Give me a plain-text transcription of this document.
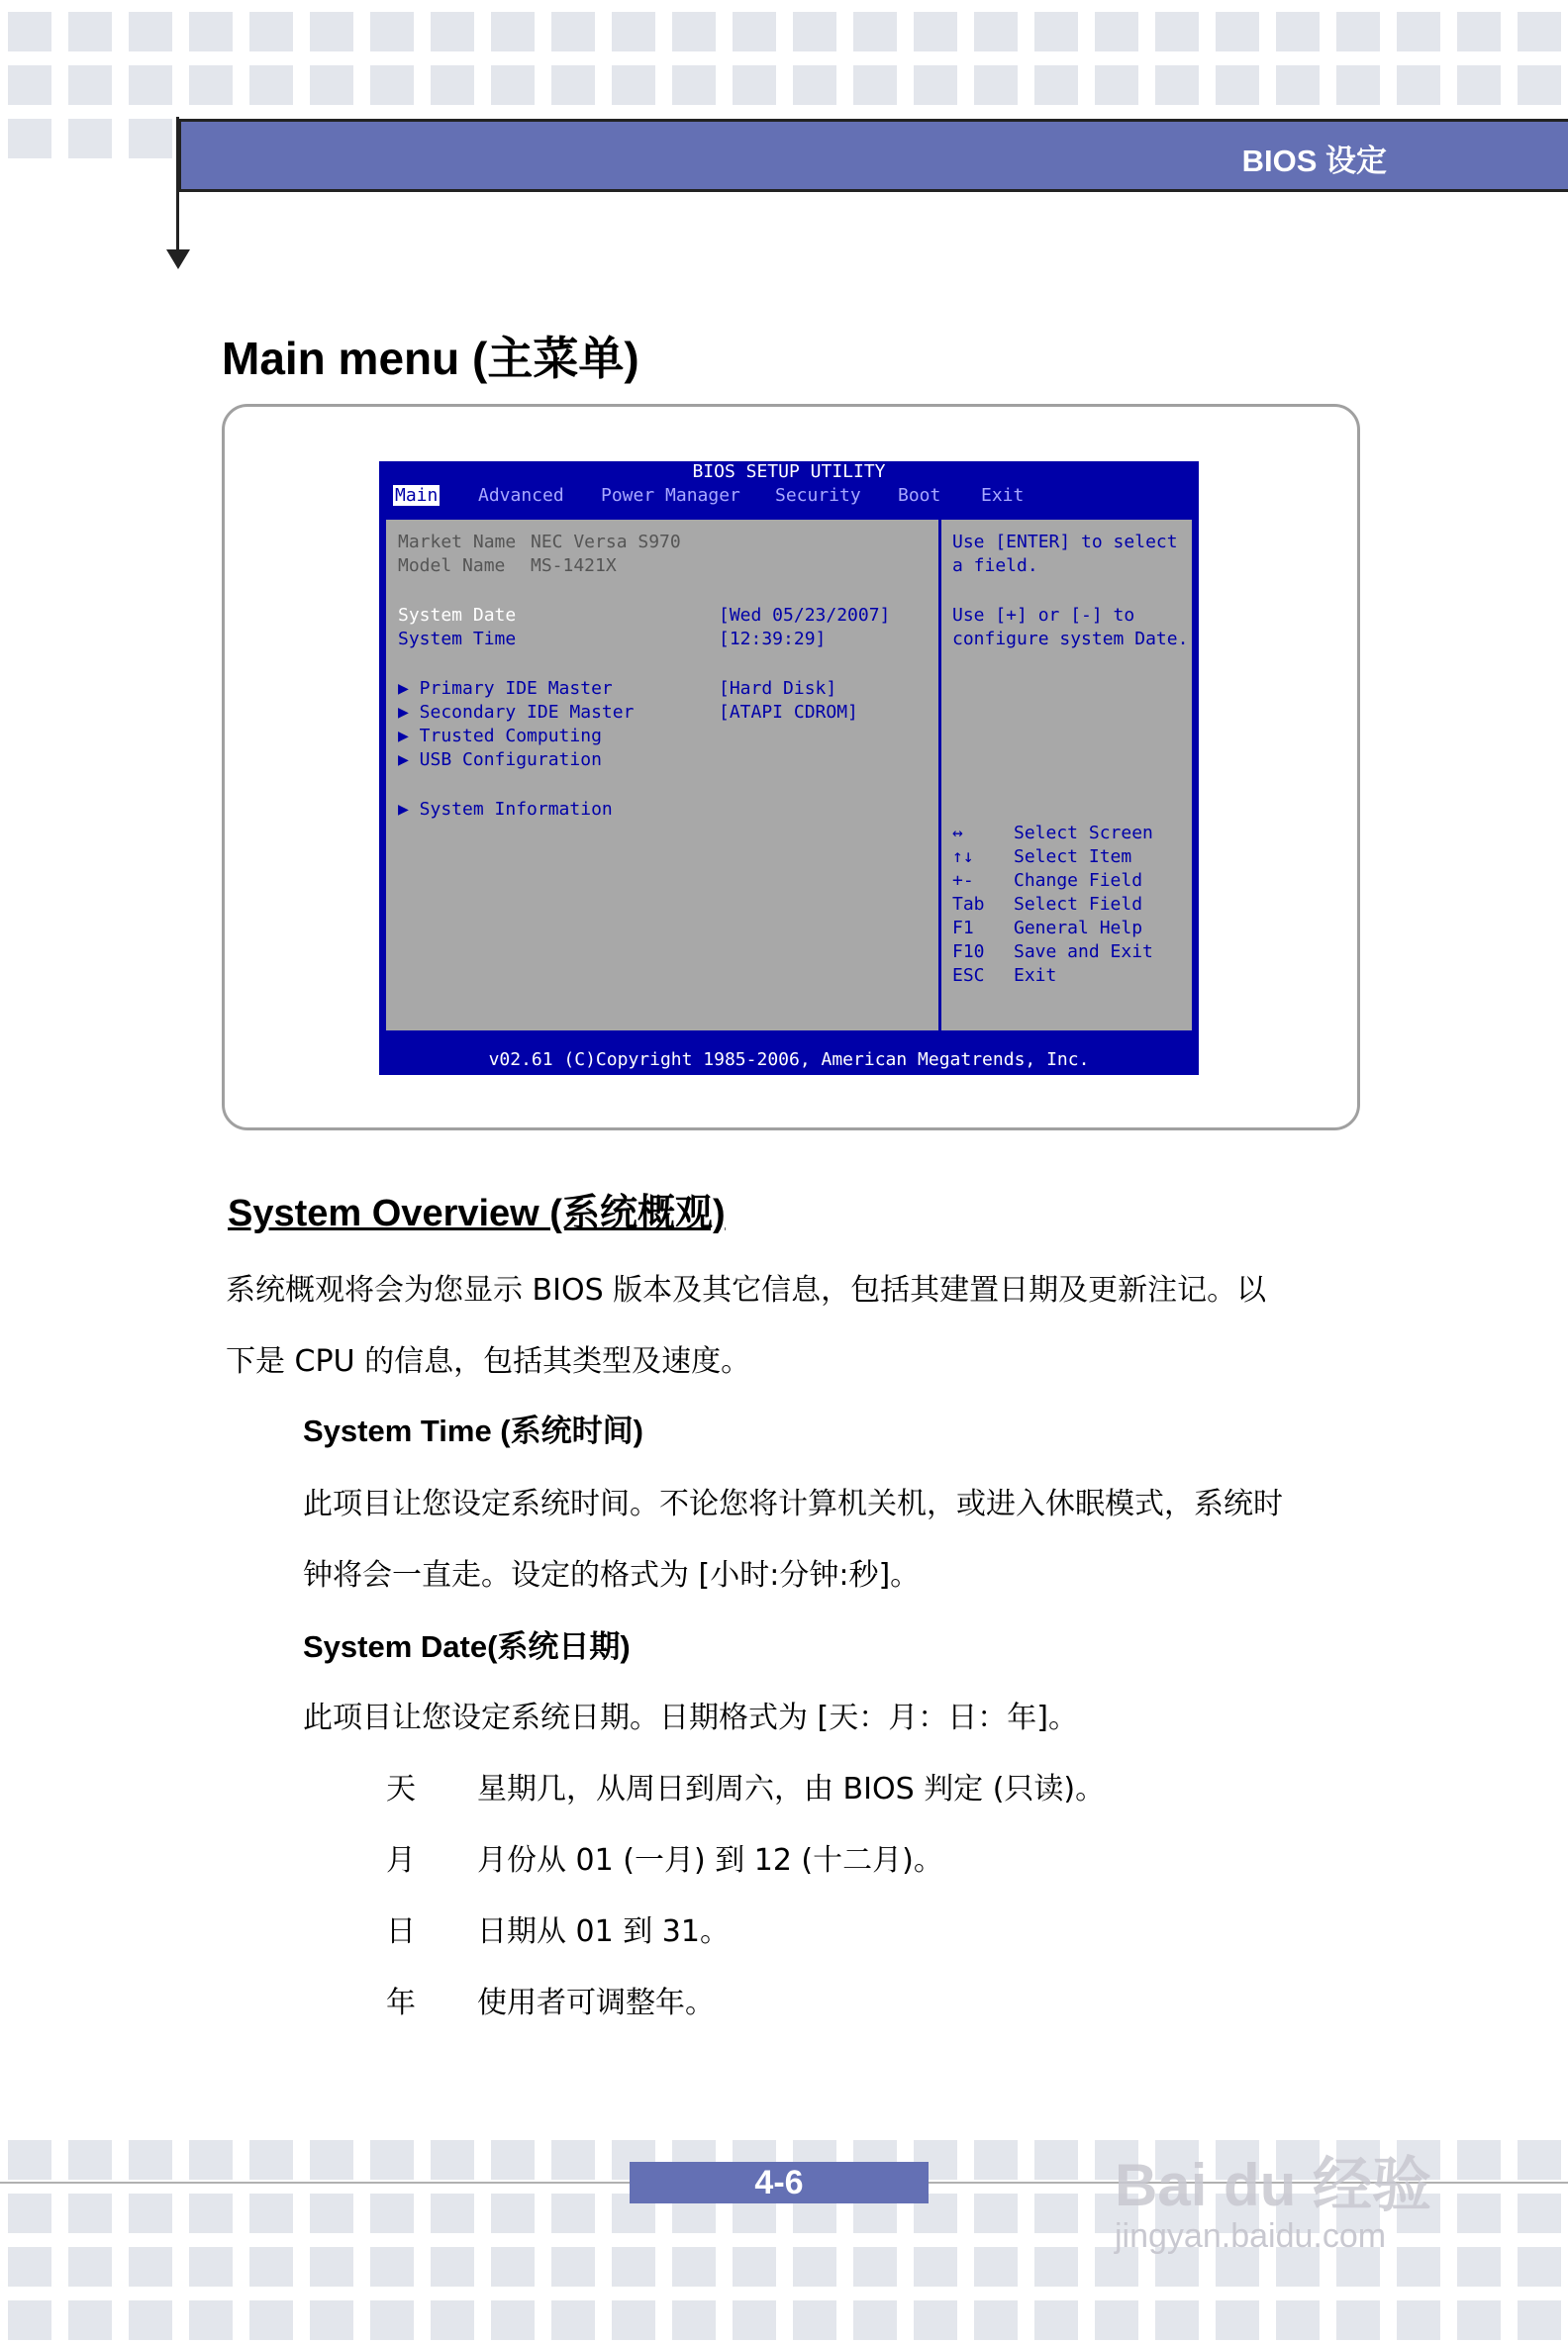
BIOS 设定
Main menu (主菜单)
BIOS SETUP UTILITY
Main Advanced Power Manager Security Boot Exit
Market Name NEC Versa S970
Model Name MS-1421X
System Date	[Wed 05/23/2007]
System Time	[12:39:29]
▶ Primary IDE Master	[Hard Disk]
▶ Secondary IDE Master	[ATAPI CDROM]
▶ Trusted Computing
▶ USB Configuration
▶ System Information
Use [ENTER] to select
a field.
Use [+] or [-] to
configure system Date.
↔	Select Screen
↑↓ Select Item
+- Change Field
Tab Select Field
F1 General Help
F10 Save and Exit
ESC Exit
v02.61 (C)Copyright 1985-2006, American Megatrends, Inc.
System Overview (系统概观)
系统概观将会为您显示 BIOS 版本及其它信息，包括其建置日期及更新注记。以
下是 CPU 的信息，包括其类型及速度。
System Time (系统时间)
此项目让您设定系统时间。不论您将计算机关机，或进入休眠模式，系统时
钟将会一直走。设定的格式为 [小时:分钟:秒]。
System Date(系统日期)
此项目让您设定系统日期。日期格式为 [天：月：日：年]。
天 星期几，从周日到周六，由 BIOS 判定 (只读)。
月 月份从 01 (一月) 到 12 (十二月)。
日 日期从 01 到 31。
年 使用者可调整年。
4-6	Bai du 经验
jingyan.baidu.com
